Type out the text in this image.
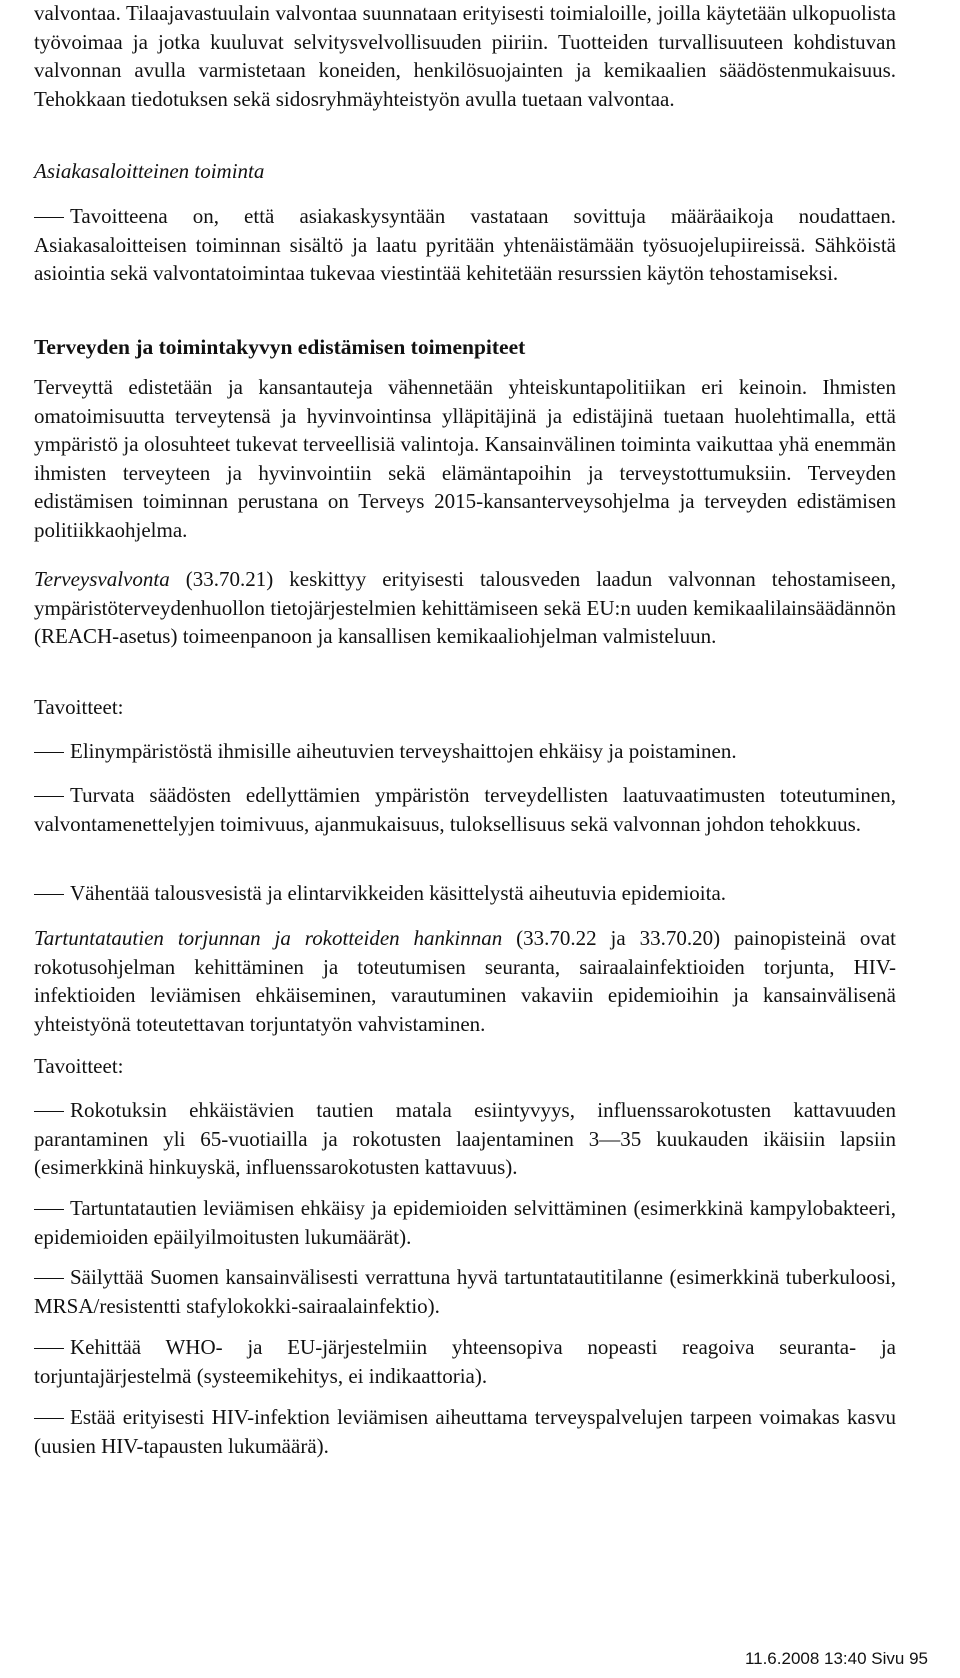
valvontaa. Tilaajavastuulain valvontaa suunnataan erityisesti toimialoille, joilla käytetään ulkopuolista työvoimaa ja jotka kuuluvat selvitysvelvollisuuden piiriin. Tuotteiden turvallisuuteen kohdistuvan valvonnan avulla varmistetaan koneiden, henkilösuojainten ja kemikaalien säädöstenmukaisuus. Tehokkaan tiedotuksen sekä sidosryhmäyhteistyön avulla tuetaan valvontaa.

Asiakasaloitteinen toiminta

Tavoitteena on, että asiakaskysyntään vastataan sovittuja määräaikoja noudattaen. Asiakasaloitteisen toiminnan sisältö ja laatu pyritään yhtenäistämään työsuojelupiireissä. Sähköistä asiointia sekä valvontatoimintaa tukevaa viestintää kehitetään resurssien käytön tehostamiseksi.

Terveyden ja toimintakyvyn edistämisen toimenpiteet

Terveyttä edistetään ja kansantauteja vähennetään yhteiskuntapolitiikan eri keinoin. Ihmisten omatoimisuutta terveytensä ja hyvinvointinsa ylläpitäjinä ja edistäjinä tuetaan huolehtimalla, että ympäristö ja olosuhteet tukevat terveellisiä valintoja. Kansainvälinen toiminta vaikuttaa yhä enemmän ihmisten terveyteen ja hyvinvointiin sekä elämäntapoihin ja terveystottumuksiin. Terveyden edistämisen toiminnan perustana on Terveys 2015-kansanterveysohjelma ja terveyden edistämisen politiikkaohjelma.

Terveysvalvonta (33.70.21) keskittyy erityisesti talousveden laadun valvonnan tehostamiseen, ympäristöterveydenhuollon tietojärjestelmien kehittämiseen sekä EU:n uuden kemikaalilainsäädännön (REACH-asetus) toimeenpanoon ja kansallisen kemikaaliohjelman valmisteluun.

Tavoitteet:

Elinympäristöstä ihmisille aiheutuvien terveyshaittojen ehkäisy ja poistaminen.

Turvata säädösten edellyttämien ympäristön terveydellisten laatuvaatimusten toteutuminen, valvontamenettelyjen toimivuus, ajanmukaisuus, tuloksellisuus sekä valvonnan johdon tehokkuus.

Vähentää talousvesistä ja elintarvikkeiden käsittelystä aiheutuvia epidemioita.

Tartuntatautien torjunnan ja rokotteiden hankinnan (33.70.22 ja 33.70.20) painopisteinä ovat rokotusohjelman kehittäminen ja toteutumisen seuranta, sairaalainfektioiden torjunta, HIV-infektioiden leviämisen ehkäiseminen, varautuminen vakaviin epidemioihin ja kansainvälisenä yhteistyönä toteutettavan torjuntatyön vahvistaminen.

Tavoitteet:

Rokotuksin ehkäistävien tautien matala esiintyvyys, influenssarokotusten kattavuuden parantaminen yli 65-vuotiailla ja rokotusten laajentaminen 3—35 kuukauden ikäisiin lapsiin (esimerkkinä hinkuyskä, influenssarokotusten kattavuus).

Tartuntatautien leviämisen ehkäisy ja epidemioiden selvittäminen (esimerkkinä kampylobakteeri, epidemioiden epäilyilmoitusten lukumäärät).

Säilyttää Suomen kansainvälisesti verrattuna hyvä tartuntatautitilanne (esimerkkinä tuberkuloosi, MRSA/resistentti stafylokokki-sairaalainfektio).

Kehittää WHO- ja EU-järjestelmiin yhteensopiva nopeasti reagoiva seuranta- ja torjuntajärjestelmä (systeemikehitys, ei indikaattoria).

Estää erityisesti HIV-infektion leviämisen aiheuttama terveyspalvelujen tarpeen voimakas kasvu (uusien HIV-tapausten lukumäärä).

11.6.2008 13:40 Sivu 95
